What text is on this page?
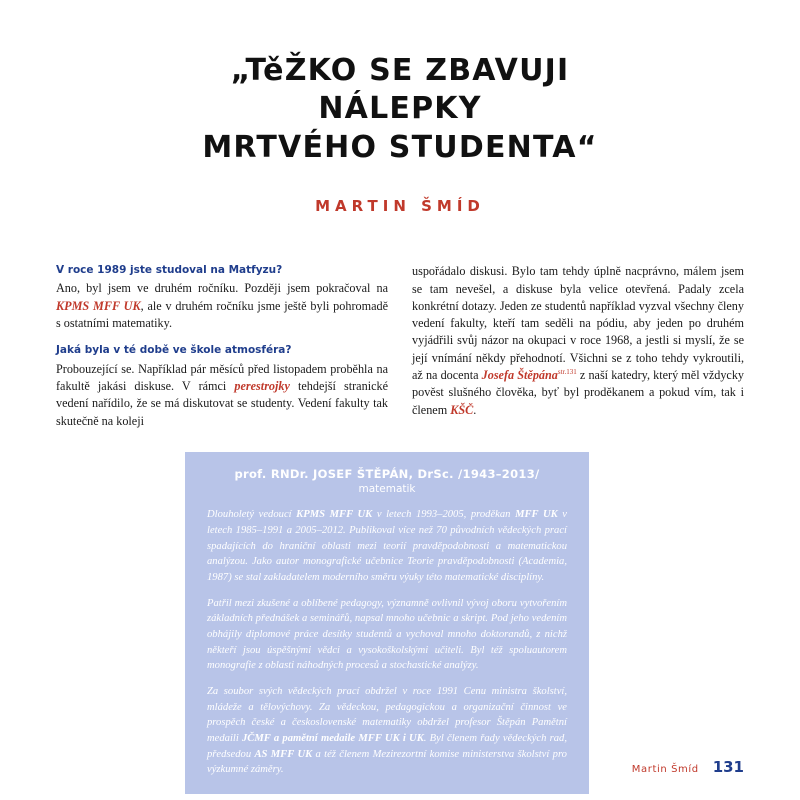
„TěŽKO SE ZBAVUJI
NÁLEPKY
MRTVÉHO STUDENTA“
MARTIN ŠMÍD

V roce 1989 jste studoval na Matfyzu?

Ano, byl jsem ve druhém ročníku. Později jsem pokračoval na KPMS MFF UK, ale v druhém ročníku jsme ještě byli pohromadě s ostatními matematiky.

Jaká byla v té době ve škole atmosféra?

Probouzející se. Například pár měsíců před listopadem proběhla na fakultě jakási diskuse. V rámci perestrojky tehdejší stranické vedení nařídilo, že se má diskutovat se studenty. Vedení fakulty tak skutečně na koleji

uspořádalo diskusi. Bylo tam tehdy úplně nacprávno, málem jsem se tam nevеšel, a diskuse byla velice otevřená. Padaly zcela konkrétní dotazy. Jeden ze studentů například vyzval všechny členy vedení fakulty, kteří tam seděli na pódiu, aby jeden po druhém vyjádřili svůj názor na okupaci v roce 1968, a jestli si myslí, že se její vnímání někdy přehodnotí. Všichni se z toho tehdy vykroutili, až na docenta Josefa Štěpána$^{str.131}$ z naší katedry, který měl vždycky pověst slušného člověka, byť byl proděkanem a pokud vím, tak i členem KŠČ.

prof. RNDr. JOSEF ŠTĚPÁN, DrSc. /1943–2013/
matematik

Dlouholetý vedoucí KPMS MFF UK v letech 1993–2005, proděkan MFF UK v letech 1985–1991 a 2005–2012. Publikoval více než 70 původních vědeckých prací spadajících do hraniční oblasti mezi teorií pravděpodobnosti a matematickou analýzou. Jako autor monografické učebnice Teorie pravděpodobnosti (Academia, 1987) se stal zakladatelem moderního směru výuky této matematické disciplíny.

Patřil mezi zkušené a oblíbené pedagogy, významně ovlivnil vývoj oboru vytvořením základních přednášek a seminářů, napsal mnoho učebnic a skript. Pod jeho vedením obhájily diplomové práce desítky studentů a vychoval mnoho doktorandů, z nichž někteří jsou úspěšnými vědci a vysokoškolskými učiteli. Byl též spoluautorem monografie z oblasti náhodných procesů a stochastické analýzy.

Za soubor svých vědeckých prací obdržel v roce 1991 Cenu ministra školství, mládeže a tělovýchovy. Za vědeckou, pedagogickou a organizační činnost ve prospěch české a československé matematiky obdržel profesor Štěpán Pamětní medaili JČMF a pamětní medaile MFF UK i UK. Byl členem řady vědeckých rad, předsedou AS MFF UK a též členem Mezirezortní komise ministerstva školství pro výzkumné záměry.	Martin Šmíd 131
